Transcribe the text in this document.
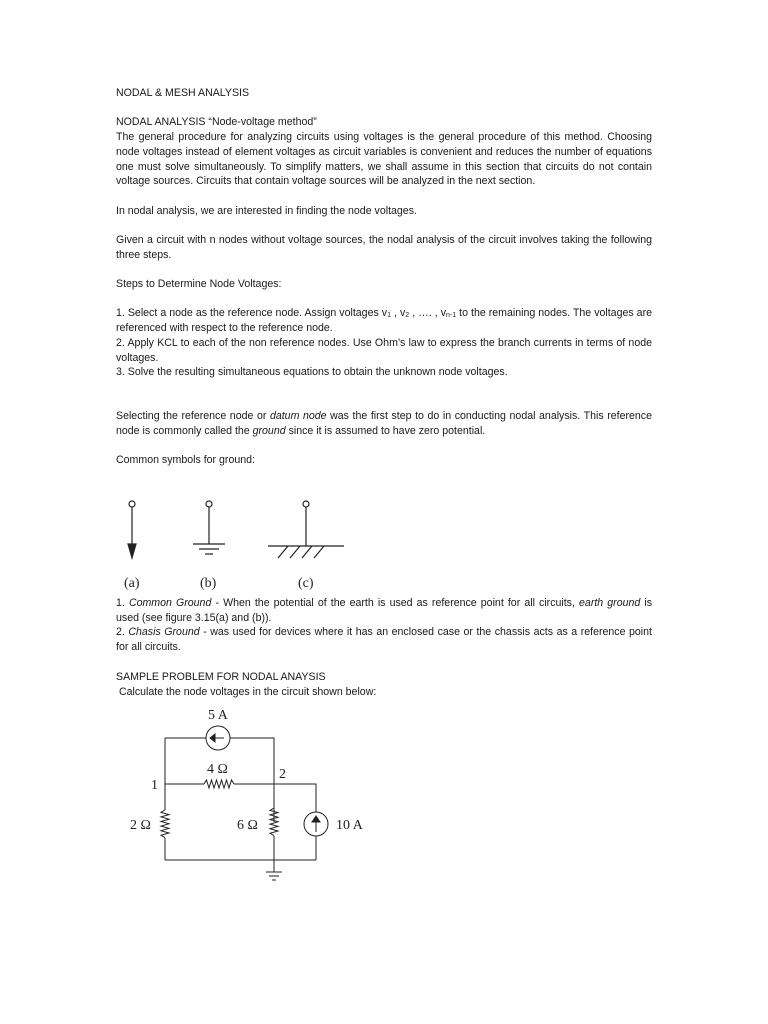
NODAL & MESH ANALYSIS

NODAL ANALYSIS “Node-voltage method”

The general procedure for analyzing circuits using voltages is the general procedure of this method. Choosing node voltages instead of element voltages as circuit variables is convenient and reduces the number of equations one must solve simultaneously. To simplify matters, we shall assume in this section that circuits do not contain voltage sources. Circuits that contain voltage sources will be analyzed in the next section.

In nodal analysis, we are interested in finding the node voltages.

Given a circuit with n nodes without voltage sources, the nodal analysis of the circuit involves taking the following three steps.

Steps to Determine Node Voltages:

1. Select a node as the reference node. Assign voltages $v_1$ , $v_2$ , …. , $v_{n-1}$ to the remaining nodes. The voltages are referenced with respect to the reference node.

2. Apply KCL to each of the non reference nodes. Use Ohm’s law to express the branch currents in terms of node voltages.

3. Solve the resulting simultaneous equations to obtain the unknown node voltages.

Selecting the reference node or datum node was the first step to do in conducting nodal analysis. This reference node is commonly called the ground since it is assumed to have zero potential.

Common symbols for ground:

(a)	(b)	(c)

1. Common Ground - When the potential of the earth is used as reference point for all circuits, earth ground is used (see figure 3.15(a) and (b)).

2. Chasis Ground - was used for devices where it has an enclosed case or the chassis acts as a reference point for all circuits.

SAMPLE PROBLEM FOR NODAL ANAYSIS

Calculate the node voltages in the circuit shown below:

5 A
4 Ω
1
2
2 Ω	6 Ω	10 A
